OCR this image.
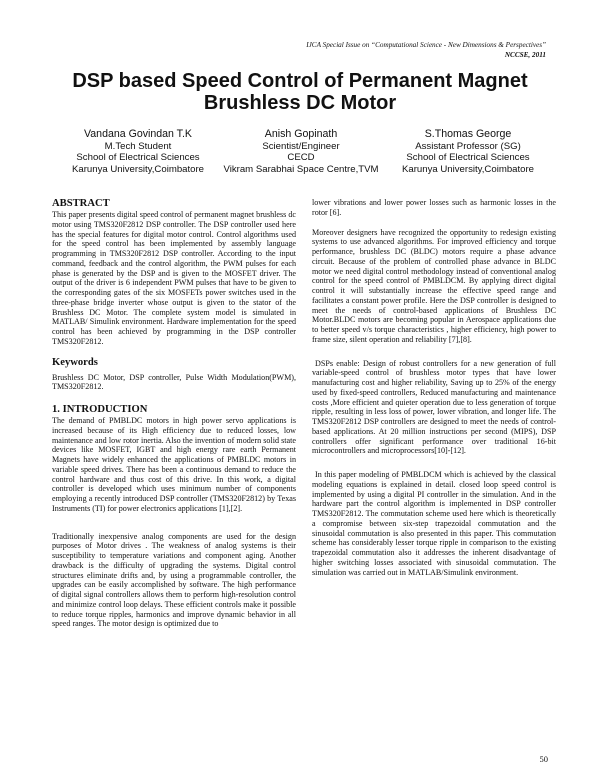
IJCA Special Issue on “Computational Science - New Dimensions & Perspectives”
NCCSE, 2011
DSP based Speed Control of Permanent Magnet Brushless DC Motor
Vandana Govindan T.K
M.Tech Student
School of Electrical Sciences
Karunya University,Coimbatore
Anish Gopinath
Scientist/Engineer
CECD
Vikram Sarabhai Space Centre,TVM
S.Thomas George
Assistant Professor (SG)
School of Electrical Sciences
Karunya University,Coimbatore
ABSTRACT

This paper presents digital speed control of permanent magnet brushless dc motor using TMS320F2812 DSP controller. The DSP controller used here has the special features for digital motor control. Control algorithms used for the speed control has been implemented by assembly language programming in TMS320F2812 DSP controller. According to the input command, feedback and the control algorithm, the PWM pulses for each phase is generated by the DSP and is given to the MOSFET driver. The output of the driver is 6 independent PWM pulses that have to be given to the corresponding gates of the six MOSFETs power switches used in the three-phase bridge inverter whose output is given to the stator of the Brushless DC Motor. The complete system model is simulated in MATLAB/ Simulink environment. Hardware implementation for the speed control has been achieved by programming in the DSP controller TMS320F2812.

Keywords

Brushless DC Motor, DSP controller, Pulse Width Modulation(PWM), TMS320F2812.

1. INTRODUCTION

The demand of PMBLDC motors in high power servo applications is increased because of its High efficiency due to reduced losses, low maintenance and low rotor inertia. Also the invention of modern solid state devices like MOSFET, IGBT and high energy rare earth Permanent Magnets have widely enhanced the applications of PMBLDC motors in variable speed drives. There has been a continuous demand to reduce the control hardware and thus cost of this drive. In this work, a digital controller is developed which uses minimum number of components employing a recently introduced DSP controller (TMS320F2812) by Texas Instruments (TI) for power electronics applications [1],[2].

Traditionally inexpensive analog components are used for the design purposes of Motor drives . The weakness of analog systems is their susceptibility to temperature variations and component aging. Another drawback is the difficulty of upgrading the systems. Digital control structures eliminate drifts and, by using a programmable controller, the upgrades can be easily accomplished by software. The high performance of digital signal controllers allows them to perform high-resolution control and minimize control loop delays. These efficient controls make it possible to reduce torque ripples, harmonics and improve dynamic behavior in all speed ranges. The motor design is optimized due to

lower vibrations and lower power losses such as harmonic losses in the rotor [6].

Moreover designers have recognized the opportunity to redesign existing systems to use advanced algorithms. For improved efficiency and torque performance, brushless DC (BLDC) motors require a phase advance circuit. Because of the problem of controlled phase advance in BLDC motor we need digital control methodology instead of conventional analog control for the speed control of PMBLDCM. By applying direct digital control it will substantially increase the effective speed range and facilitates a constant power profile. Here the DSP controller is designed to meet the needs of control-based applications of Brushless DC Motor.BLDC motors are becoming popular in Aerospace applications due to better speed v/s torque characteristics , higher efficiency, high power to frame size, silent operation and reliability [7],[8].

DSPs enable: Design of robust controllers for a new generation of full variable-speed control of brushless motor types that have lower manufacturing cost and higher reliability, Saving up to 25% of the energy used by fixed-speed controllers, Reduced manufacturing and maintenance costs ,More efficient and quieter operation due to less generation of torque ripple, resulting in less loss of power, lower vibration, and longer life. The TMS320F2812 DSP controllers are designed to meet the needs of control-based applications. At 20 million instructions per second (MIPS), DSP controllers offer significant performance over traditional 16-bit microcontrollers and microprocessors[10]-[12].

In this paper modeling of PMBLDCM which is achieved by the classical modeling equations is explained in detail. closed loop speed control is implemented by using a digital PI controller in the simulation. And in the hardware part the control algorithm is implemented in DSP controller TMS320F2812. The commutation scheme used here which is theoretically a compromise between six-step trapezoidal commutation and the sinusoidal commutation is also presented in this paper. This commutation scheme has considerably lesser torque ripple in comparison to the existing trapezoidal commutation also it addresses the inherent disadvantage of higher switching losses associated with sinusoidal commutation. The simulation was carried out in MATLAB/Simulink environment.

50
